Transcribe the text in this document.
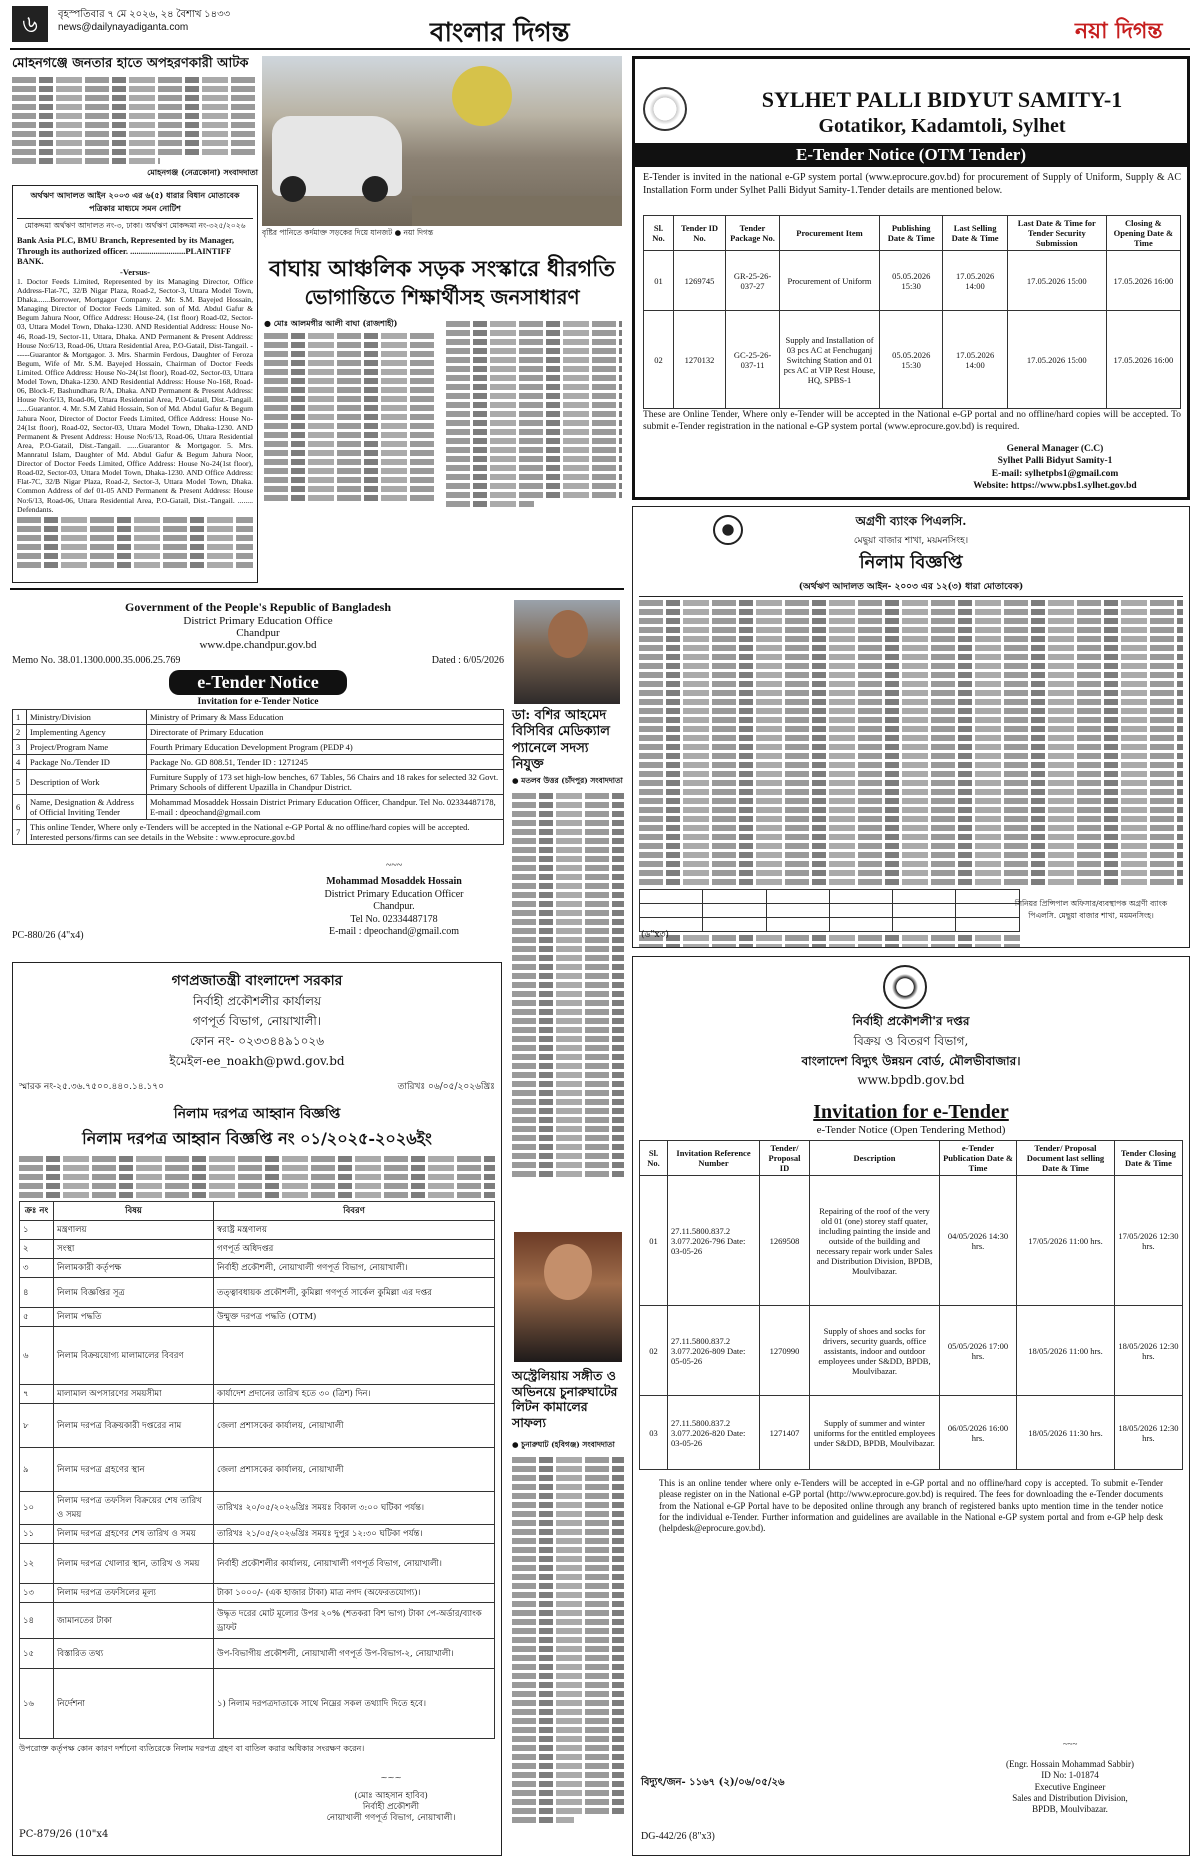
৬	বৃহস্পতিবার ৭ মে ২০২৬, ২৪ বৈশাখ ১৪৩৩
news@dailynayadiganta.com	বাংলার দিগন্ত	নয়া দিগন্ত
মোহনগঞ্জে জনতার হাতে অপহরণকারী আটক
মোহনগঞ্জ (নেত্রকোনা) সংবাদদাতা
অর্থঋণ আদালত আইন ২০০৩ এর ৬(৫) ধারার বিধান মোতাবেক পত্রিকার মাধ্যমে সমন নোটিশ
মোকদ্দমা অর্থঋণ আদালত নং-৩, ঢাকা। অর্থঋণ মোকদ্দমা নং-৩২৫/২০২৬
Bank Asia PLC, BMU Branch, Represented by its Manager, Through its authorized officer. ..........................PLAINTIFF BANK.
-Versus-
1. Doctor Feeds Limited, Represented by its Managing Director, Office Address-Flat-7C, 32/B Nigar Plaza, Road-2, Sector-3, Uttara Model Town, Dhaka.......Borrower, Mortgagor Company. 2. Mr. S.M. Bayejed Hossain, Managing Director of Doctor Feeds Limited. son of Md. Abdul Gafur & Begum Jahura Noor, Office Address: House-24, (1st floor) Road-02, Sector-03, Uttara Model Town, Dhaka-1230. AND Residential Address: House No-46, Road-19, Sector-11, Uttara, Dhaka. AND Permanent & Present Address: House No:6/13, Road-06, Uttara Residential Area, P.O-Gatail, Dist-Tangail. ------Guarantor & Mortgagor. 3. Mrs. Sharmin Ferdous, Daughter of Feroza Begum, Wife of Mr. S.M. Bayejed Hossain, Chairman of Doctor Feeds Limited. Office Address: House No-24(1st floor), Road-02, Sector-03, Uttara Model Town, Dhaka-1230. AND Residential Address: House No-168, Road-06, Block-F, Bashundhara R/A, Dhaka. AND Permanent & Present Address: House No:6/13, Road-06, Uttara Residential Area, P.O-Gatail, Dist.-Tangail. ......Guarantor. 4. Mr. S.M Zahid Hossain, Son of Md. Abdul Gafur & Begum Jahura Noor, Director of Doctor Feeds Limited, Office Address: House No-24(1st floor), Road-02, Sector-03, Uttara Model Town, Dhaka-1230. AND Permanent & Present Address: House No:6/13, Road-06, Uttara Residential Area, P.O-Gatail, Dist.-Tangail. ......Guarantor & Mortgagor. 5. Mrs. Mannratul Islam, Daughter of Md. Abdul Gafur & Begum Jahura Noor, Director of Doctor Feeds Limited, Office Address: House No-24(1st floor), Road-02, Sector-03, Uttara Model Town, Dhaka-1230. AND Office Address: Flat-7C, 32/B Nigar Plaza, Road-2, Sector-3, Uttara Model Town, Dhaka. Common Address of def 01-05 AND Permanent & Present Address: House No:6/13, Road-06, Uttara Residential Area, P.O-Gatail, Dist.-Tangail. ........ Defendants.
বৃষ্টির পানিতে কর্দমাক্ত সড়কের দিয়ে যানজট ● নয়া দিগন্ত
বাঘায় আঞ্চলিক সড়ক সংস্কারে ধীরগতি
ভোগান্তিতে শিক্ষার্থীসহ জনসাধারণ
● মোঃ আলমগীর আলী বাঘা (রাজশাহী)
SYLHET PALLI BIDYUT SAMITY-1
Gotatikor, Kadamtoli, Sylhet
E-Tender Notice (OTM Tender)
E-Tender is invited in the national e-GP system portal (www.eprocure.gov.bd) for procurement of Supply of Uniform, Supply & AC Installation Form under Sylhet Palli Bidyut Samity-1.Tender details are mentioned below.
Sl. No.	Tender ID No.	Tender Package No.	Procurement Item	Publishing Date & Time	Last Selling Date & Time	Last Date & Time for Tender Security Submission	Closing & Opening Date & Time
01	1269745	GR-25-26-037-27	Procurement of Uniform	05.05.2026 15:30	17.05.2026 14:00	17.05.2026 15:00	17.05.2026 16:00
02	1270132	GC-25-26-037-11	Supply and Installation of 03 pcs AC at Fenchuganj Switching Station and 01 pcs AC at VIP Rest House, HQ, SPBS-1	05.05.2026 15:30	17.05.2026 14:00	17.05.2026 15:00	17.05.2026 16:00
These are Online Tender, Where only e-Tender will be accepted in the National e-GP portal and no offline/hard copies will be accepted. To submit e-Tender registration in the national e-GP system portal (www.eprocure.gov.bd) is required.
General Manager (C.C)
Sylhet Palli Bidyut Samity-1
E-mail: sylhetpbs1@gmail.com
Website: https://www.pbs1.sylhet.gov.bd
Government of the People's Republic of Bangladesh
District Primary Education Office
Chandpur
www.dpe.chandpur.gov.bd
Memo No. 38.01.1300.000.35.006.25.769	Dated : 6/05/2026
e-Tender Notice
Invitation for e-Tender Notice
1	Ministry/Division	Ministry of Primary & Mass Education
2	Implementing Agency	Directorate of Primary Education
3	Project/Program Name	Fourth Primary Education Development Program (PEDP 4)
4	Package No./Tender ID	Package No. GD 808.51, Tender ID : 1271245
5	Description of Work	Furniture Supply of 173 set high-low benches, 67 Tables, 56 Chairs and 18 rakes for selected 32 Govt. Primary Schools of different Upazilla in Chandpur District.
6	Name, Designation & Address of Official Inviting Tender	Mohammad Mosaddek Hossain District Primary Education Officer, Chandpur. Tel No. 02334487178, E-mail : dpeochand@gmail.com
7	This online Tender, Where only e-Tenders will be accepted in the National e-GP Portal & no offline/hard copies will be accepted. Interested persons/firms can see details in the Website : www.eprocure.gov.bd	
~~~
Mohammad Mosaddek Hossain
District Primary Education Officer
Chandpur.
Tel No. 02334487178
E-mail : dpeochand@gmail.com
PC-880/26 (4"x4)
ডা: বশির আহমেদ বিসিবির মেডিক্যাল প্যানেলে সদস্য নিযুক্ত
● মতলব উত্তর (চাঁদপুর) সংবাদদাতা
অগ্রণী ব্যাংক পিএলসি.
মেছুয়া বাজার শাখা, ময়মনসিংহ।
নিলাম বিজ্ঞপ্তি
(অর্থঋণ আদালত আইন- ২০০৩ এর ১২(৩) ধারা মোতাবেক)

সিনিয়র প্রিন্সিপাল অফিসার/ব্যবস্থাপক অগ্রণী ব্যাংক পিএলসি. মেছুয়া বাজার শাখা, ময়মনসিংহ।
(৬"x৩)
গণপ্রজাতন্ত্রী বাংলাদেশ সরকার
নির্বাহী প্রকৌশলীর কার্যালয়
গণপূর্ত বিভাগ, নোয়াখালী।
ফোন নং- ০২৩৩৪৪৯১০২৬
ইমেইল-ee_noakh@pwd.gov.bd
স্মারক নং-২৫.৩৬.৭৫০০.৪৪০.১৪.১৭০	তারিখঃ ০৬/০৫/২০২৬খ্রিঃ
নিলাম দরপত্র আহ্বান বিজ্ঞপ্তি
নিলাম দরপত্র আহ্বান বিজ্ঞপ্তি নং ০১/২০২৫-২০২৬ইং
ক্রঃ নং	বিষয়	বিবরণ
১	মন্ত্রণালয়	স্বরাষ্ট্র মন্ত্রণালয়
২	সংস্থা	গণপূর্ত অধিদপ্তর
৩	নিলামকারী কর্তৃপক্ষ	নির্বাহী প্রকৌশলী, নোয়াখালী গণপূর্ত বিভাগ, নোয়াখালী।
৪	নিলাম বিজ্ঞপ্তির সূত্র	তত্ত্বাবধায়ক প্রকৌশলী, কুমিল্লা গণপূর্ত সার্কেল কুমিল্লা এর দপ্তর
৫	নিলাম পদ্ধতি	উন্মুক্ত দরপত্র পদ্ধতি (OTM)
৬	নিলাম বিক্রয়যোগ্য মালামালের বিবরণ	
৭	মালামাল অপসারণের সময়সীমা	কার্যাদেশ প্রদানের তারিখ হতে ৩০ (ত্রিশ) দিন।
৮	নিলাম দরপত্র বিক্রয়কারী দপ্তরের নাম	জেলা প্রশাসকের কার্যালয়, নোয়াখালী
৯	নিলাম দরপত্র গ্রহণের স্থান	জেলা প্রশাসকের কার্যালয়, নোয়াখালী
১০	নিলাম দরপত্র তফসিল বিক্রয়ের শেষ তারিখ ও সময়	তারিখঃ ২০/০৫/২০২৬খ্রিঃ সময়ঃ বিকাল ৩:০০ ঘটিকা পর্যন্ত।
১১	নিলাম দরপত্র গ্রহণের শেষ তারিখ ও সময়	তারিখঃ ২১/০৫/২০২৬খ্রিঃ সময়ঃ দুপুর ১২:৩০ ঘটিকা পর্যন্ত।
১২	নিলাম দরপত্র খোলার স্থান, তারিখ ও সময়	নির্বাহী প্রকৌশলীর কার্যালয়, নোয়াখালী গণপূর্ত বিভাগ, নোয়াখালী।
১৩	নিলাম দরপত্র তফসিলের মূল্য	টাকা ১০০০/- (এক হাজার টাকা) মাত্র নগদ (অফেরতযোগ্য)।
১৪	জামানতের টাকা	উদ্ধৃত দরের মোট মূল্যের উপর ২০% (শতকরা বিশ ভাগ) টাকা পে-অর্ডার/ব্যাংক ড্রাফট
১৫	বিস্তারিত তথ্য	উপ-বিভাগীয় প্রকৌশলী, নোয়াখালী গণপূর্ত উপ-বিভাগ-২, নোয়াখালী।
১৬	নির্দেশনা	১) নিলাম দরপত্রদাতাকে সাথে নিম্নের সকল তথ্যাদি দিতে হবে।
উপরোক্ত কর্তৃপক্ষ কোন কারণ দর্শানো ব্যতিরেকে নিলাম দরপত্র গ্রহণ বা বাতিল করার অধিকার সংরক্ষণ করেন।
~~~
(মোঃ আহসান হাবিব)
নির্বাহী প্রকৌশলী
নোয়াখালী গণপূর্ত বিভাগ, নোয়াখালী।
PC-879/26 (10"x4
অস্ট্রেলিয়ায় সঙ্গীত ও অভিনয়ে চুনারুঘাটের লিটন কামালের সাফল্য
● চুনারুঘাট (হবিগঞ্জ) সংবাদদাতা
নির্বাহী প্রকৌশলী'র দপ্তর
বিক্রয় ও বিতরণ বিভাগ,
বাংলাদেশ বিদ্যুৎ উন্নয়ন বোর্ড, মৌলভীবাজার।
www.bpdb.gov.bd
Invitation for e-Tender
e-Tender Notice (Open Tendering Method)
Sl. No.	Invitation Reference Number	Tender/ Proposal ID	Description	e-Tender Publication Date & Time	Tender/ Proposal Document last selling Date & Time	Tender Closing Date & Time
01	27.11.5800.837.2 3.077.2026-796 Date: 03-05-26	1269508	Repairing of the roof of the very old 01 (one) storey staff quater, including painting the inside and outside of the building and necessary repair work under Sales and Distribution Division, BPDB, Moulvibazar.	04/05/2026 14:30 hrs.	17/05/2026 11:00 hrs.	17/05/2026 12:30 hrs.
02	27.11.5800.837.2 3.077.2026-809 Date: 05-05-26	1270990	Supply of shoes and socks for drivers, security guards, office assistants, indoor and outdoor employees under S&DD, BPDB, Moulvibazar.	05/05/2026 17:00 hrs.	18/05/2026 11:00 hrs.	18/05/2026 12:30 hrs.
03	27.11.5800.837.2 3.077.2026-820 Date: 03-05-26	1271407	Supply of summer and winter uniforms for the entitled employees under S&DD, BPDB, Moulvibazar.	06/05/2026 16:00 hrs.	18/05/2026 11:30 hrs.	18/05/2026 12:30 hrs.
This is an online tender where only e-Tenders will be accepted in e-GP portal and no offline/hard copy is accepted. To submit e-Tender please register on in the National e-GP portal (http://www.eprocure.gov.bd) is required. The fees for downloading the e-Tender documents from the National e-GP Portal have to be deposited online through any branch of registered banks upto mention time in the tender notice for the individual e-Tender. Further information and guidelines are available in the National e-GP system portal and from e-GP help desk (helpdesk@eprocure.gov.bd).
~~~
(Engr. Hossain Mohammad Sabbir)
ID No: 1-01874
Executive Engineer
Sales and Distribution Division,
BPDB, Moulvibazar.
বিদ্যুৎ/জন- ১১৬৭ (২)/০৬/০৫/২৬
DG-442/26 (8"x3)
